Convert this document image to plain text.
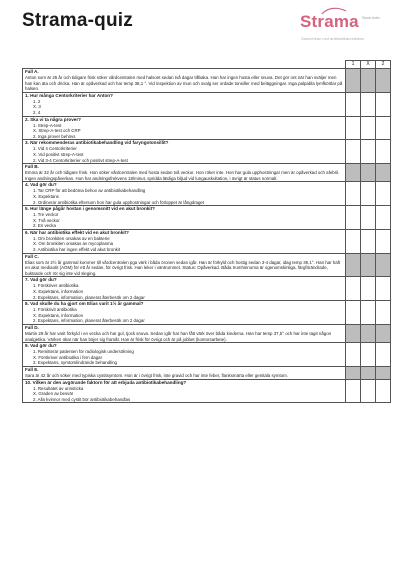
Strama-quiz	Strama Stock-holm
Samverkan mot antibiotikaresistens
	1	X	2

Fall A.
Anton som är 25 år och tidigare frisk söker vårdcentralen med halsont sedan två dagar tillbaka. Han har ingen hosta eller snuva. Det gör ont när han sväljer men han kan äta och dricka. Han är opåverkad och har temp 38,1 °. Vid inspektion av mun och svalg ser ordade tonsiller med beläggningar. Inga palpabla lymfkörtlar på halsen.			

1. Hur många Centorkriterier har Anton?
1. 2
X. 3
2. 4			

2. Ska vi ta några prover?
1. Strep-A-test
X. Strep-A-test och CRP
2. Inga prover behövs			

3. När rekommenderas antibiotikabehandling vid faryngotonsillit?
1. Vid 4 Centorkriterier
X. Vid positivt strep-A-test
2. Vid 3-4 Centorkriterier och positivt strep-A-test			

Fall B.
Emma är 32 år och tidigare frisk. Hon söker vårdcentralen med hosta sedan två veckor. Hon röker inte. Hon har gula upphostningar men är opåverkad och afebril. Ingen andningspåverkan. Hon har andningsfrekvens 18/minut, spridda lätdiga biljud vid lungauskultation, i övrigt är status normalt.			

4. Vad gör du?
1. Tar CRP för att bedöma behov av antibiotikabehandling
X. Expektans
2. Ordinerar antibiotika eftersom hon har gula upphostningar och förloppet är långdraget			

5. Hur länge pågår hostan i genomsnitt vid en akut bronkit?
1. Tre veckor
X. Två veckor
2. En vecka			

6. När har antibiotika effekt vid en akut bronkit?
1. Om bronkiten orsakas av en bakterie
X. Om bronkiten orsakas av mycoplasma
2. Antibiotika har ingen effekt vid akut bronkit			

Fall C.
Elias som är 2½ år gammal kommer till vårdcentralen pga värk i båda öronen sedan igår. Han är förkyld och hostig sedan 3-4 dagar, idag temp 39,1°. Han har haft en akut mediaotit (AOM) för ett år sedan, för övrigt frisk. Han leker i väntrummet. Status: Opåverkad. Båda trumhinnorna är ogenomskinliga, färgförändrade, buktande och rör sig inte vid sleging.			

7. Vad gör du?
1. Förskriver antibiotika
X. Expektans, information
2. Expektans, information, planerat återbesök om 2 dagar			

8. Vad skulle du ha gjort om Elias varit 1½ år gammal?
1. Förskrivit antibiotika
X. Expektans, information
2. Expektans, information, planerat återbesök om 2 dagar			

Fall D.
Martin 29 år har varit förkyld i en vecka och har gul, tjock snuva. Sedan igår har han fått värk över båda kinderna. Han har temp 37,5° och har inte tagit någon analgetika. Värken ökar när han böjer sig framåt. Han är frisk för övrigt och är på jobbet (kontorsarbete).			

9. Vad gör du?
1. Remitterar patienten för radiologisk undersökning
X. Förskriver antibiotika i fem dagar
2. Expektans, symtomlindrande behandling			

Fall E.
Sara är 42 år och söker med typiska cystitsymtom. Hon är i övrigt frisk, inte gravid och har inte feber, flanksmärta eller genitala symtom.			

10. Vilken är den avgörande faktorn för att erbjuda antibiotikabehandling?
1. Resultatet av urinsticka
X. Graden av besvär
2. Alla kvinnor med cystit bör antibiotikabehandlas			
